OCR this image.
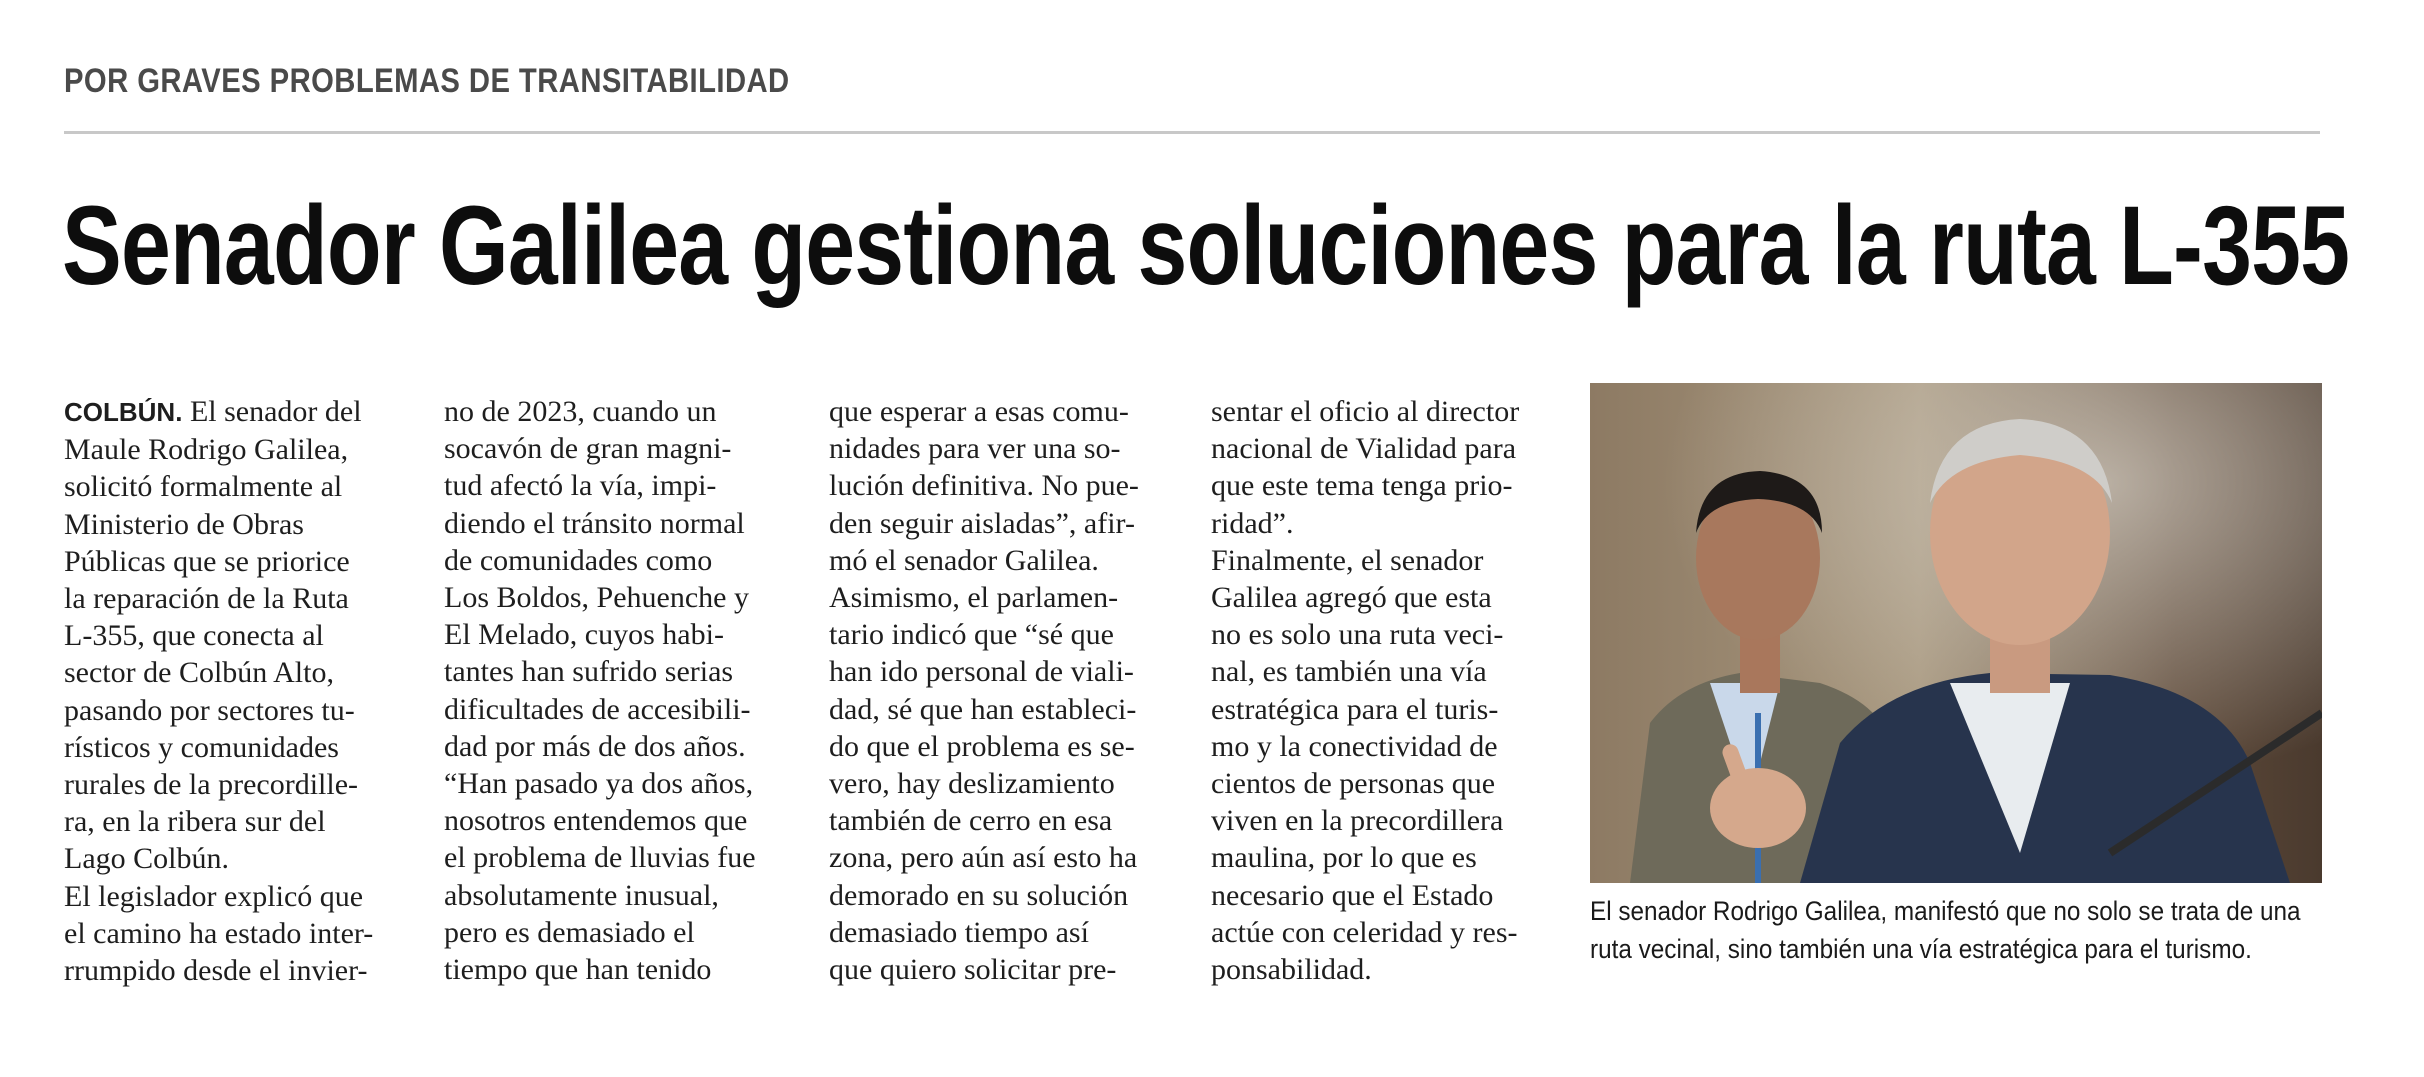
POR GRAVES PROBLEMAS DE TRANSITABILIDAD
Senador Galilea gestiona soluciones para la ruta L-355

COLBÚN. El senador del
Maule Rodrigo Galilea,
solicitó formalmente al
Ministerio de Obras
Públicas que se priorice
la reparación de la Ruta
L-355, que conecta al
sector de Colbún Alto,
pasando por sectores tu-
rísticos y comunidades
rurales de la precordille-
ra, en la ribera sur del
Lago Colbún.
El legislador explicó que
el camino ha estado inter-
rrumpido desde el invier-

no de 2023, cuando un
socavón de gran magni-
tud afectó la vía, impi-
diendo el tránsito normal
de comunidades como
Los Boldos, Pehuenche y
El Melado, cuyos habi-
tantes han sufrido serias
dificultades de accesibili-
dad por más de dos años.
“Han pasado ya dos años,
nosotros entendemos que
el problema de lluvias fue
absolutamente inusual,
pero es demasiado el
tiempo que han tenido

que esperar a esas comu-
nidades para ver una so-
lución definitiva. No pue-
den seguir aisladas”, afir-
mó el senador Galilea.
Asimismo, el parlamen-
tario indicó que “sé que
han ido personal de viali-
dad, sé que han estableci-
do que el problema es se-
vero, hay deslizamiento
también de cerro en esa
zona, pero aún así esto ha
demorado en su solución
demasiado tiempo así
que quiero solicitar pre-

sentar el oficio al director
nacional de Vialidad para
que este tema tenga prio-
ridad”.
Finalmente, el senador
Galilea agregó que esta
no es solo una ruta veci-
nal, es también una vía
estratégica para el turis-
mo y la conectividad de
cientos de personas que
viven en la precordillera
maulina, por lo que es
necesario que el Estado
actúe con celeridad y res-
ponsabilidad.

El senador Rodrigo Galilea, manifestó que no solo se trata de una
ruta vecinal, sino también una vía estratégica para el turismo.
